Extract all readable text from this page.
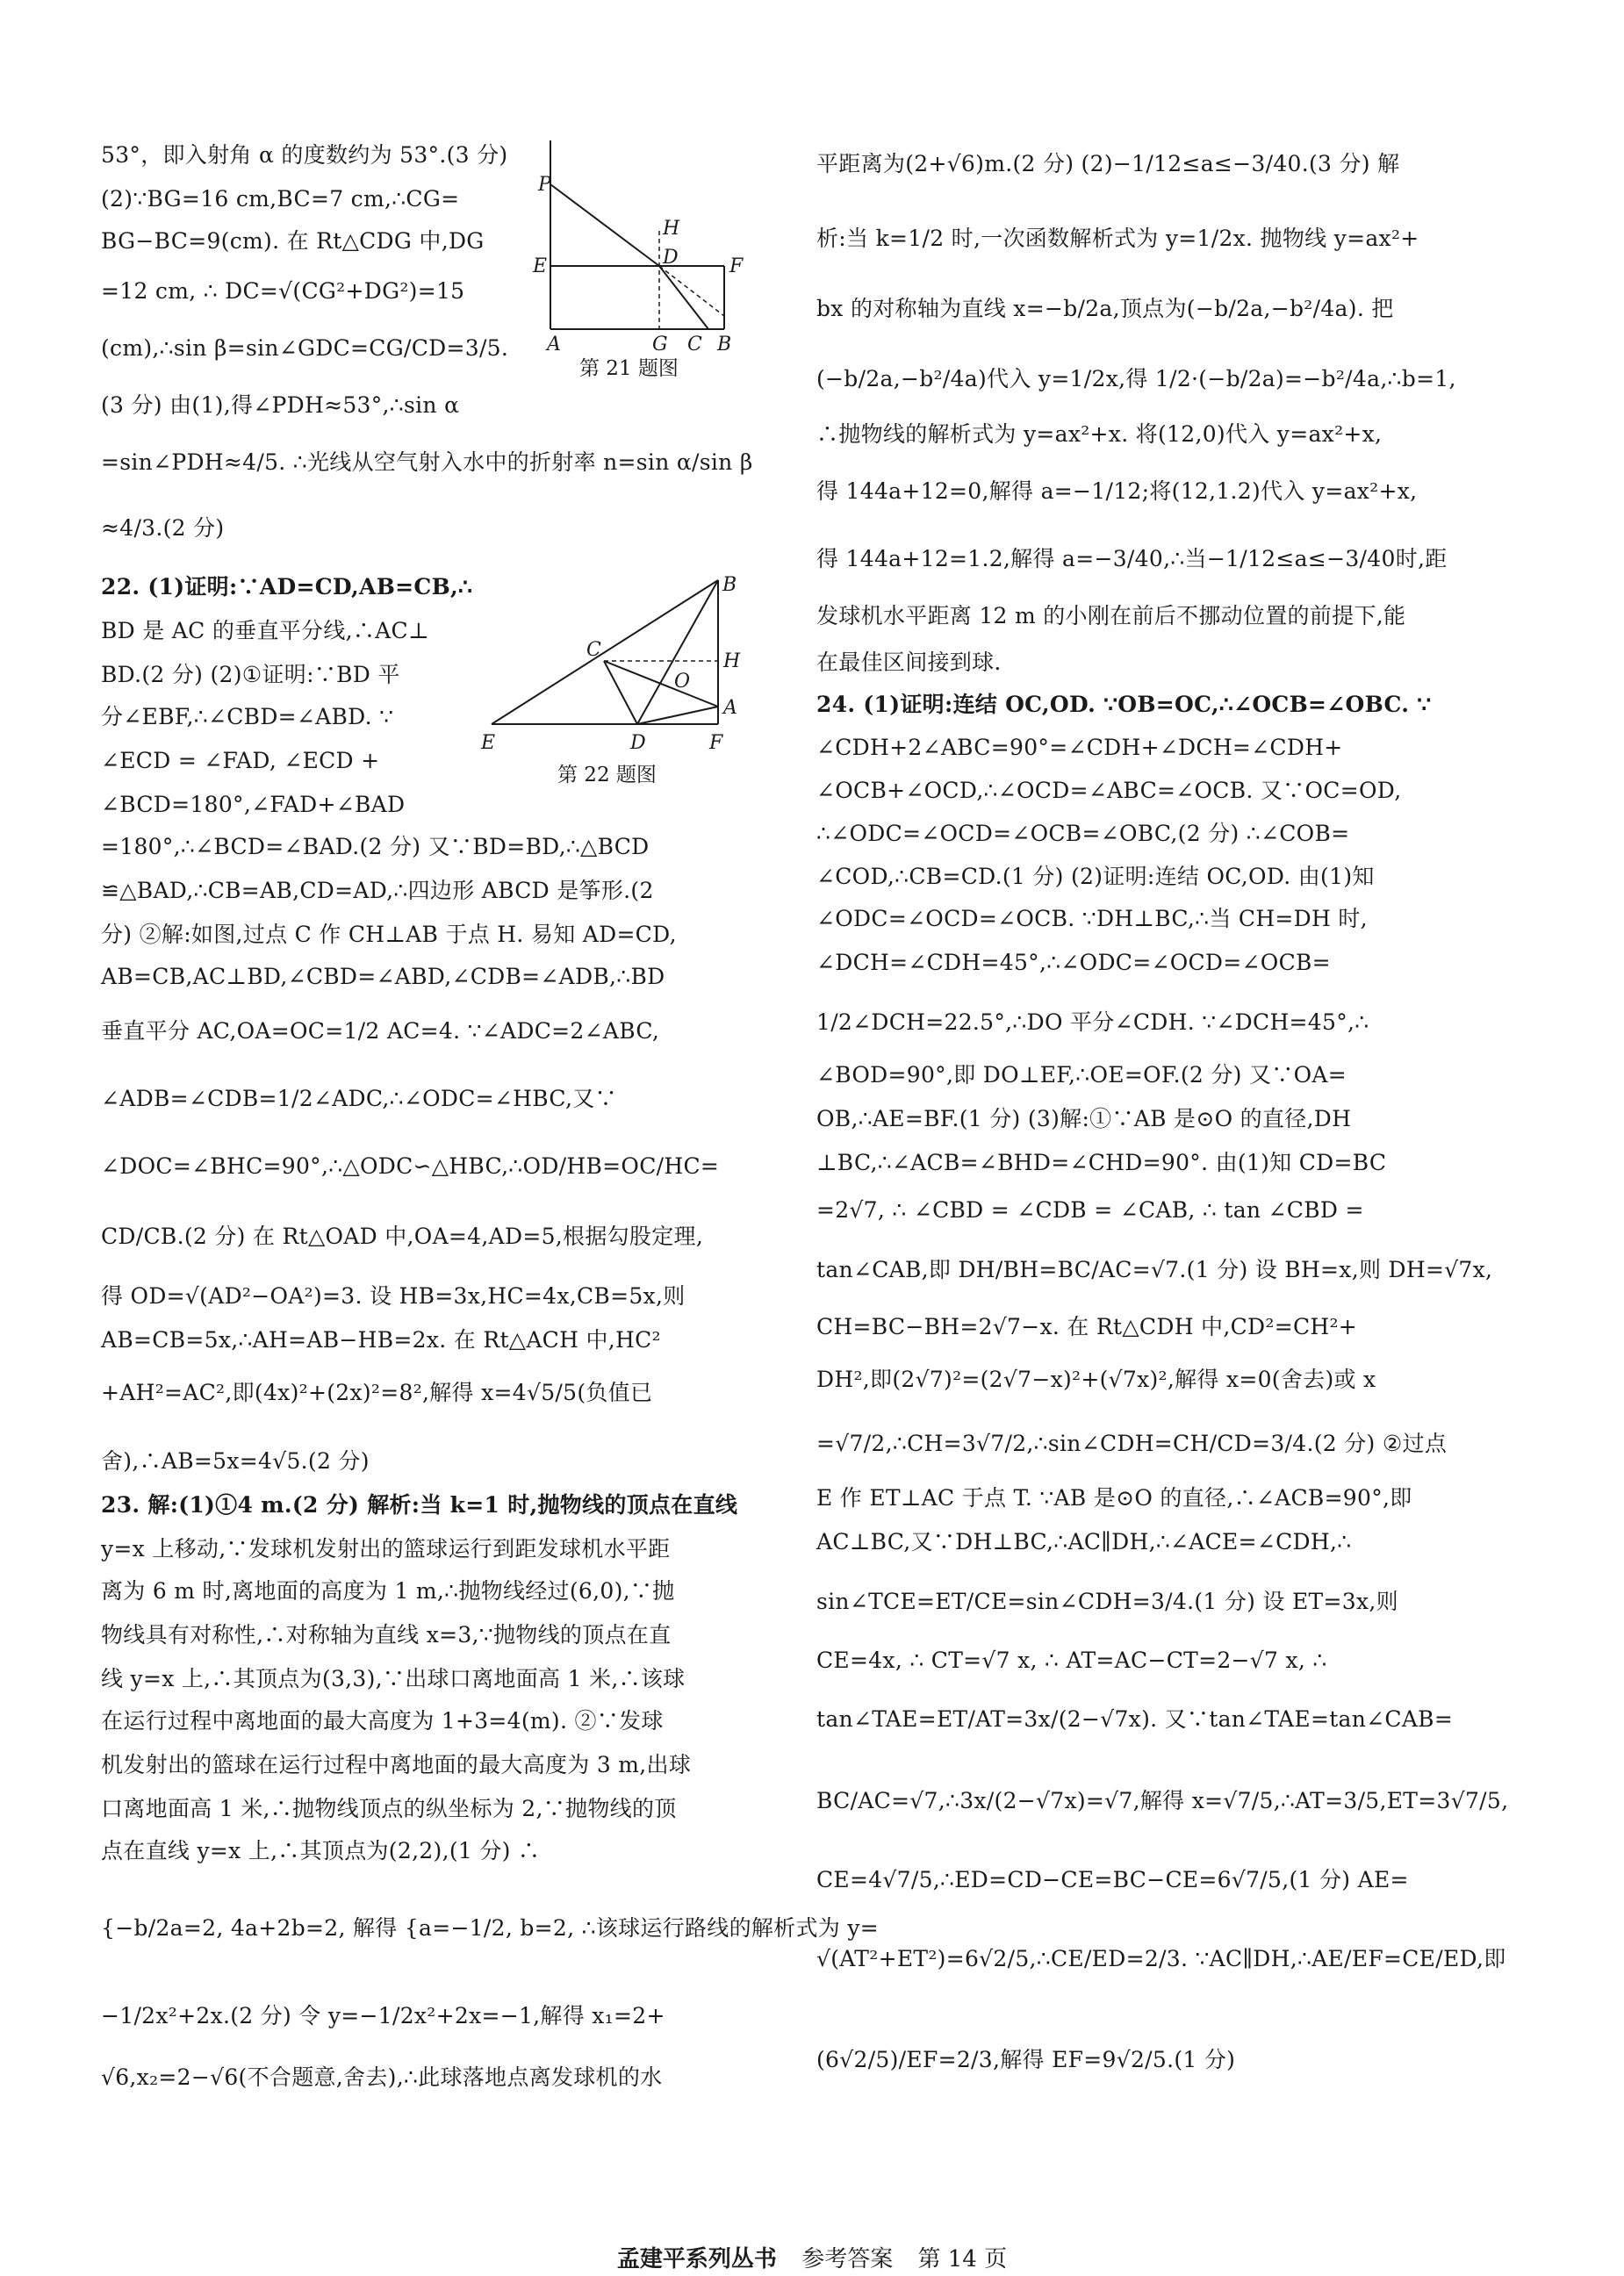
53°，即入射角 α 的度数约为 53°.(3 分)
(2)∵BG=16 cm,BC=7 cm,∴CG=
BG−BC=9(cm). 在 Rt△CDG 中,DG
=12 cm, ∴ DC=√(CG²+DG²)=15
(cm),∴sin β=sin∠GDC=CG/CD=3/5.
(3 分) 由(1),得∠PDH≈53°,∴sin α
=sin∠PDH≈4/5. ∴光线从空气射入水中的折射率 n=sin α/sin β
≈4/3.(2 分)
22. (1)证明:∵AD=CD,AB=CB,∴
BD 是 AC 的垂直平分线,∴AC⊥
BD.(2 分) (2)①证明:∵BD 平
分∠EBF,∴∠CBD=∠ABD. ∵
∠ECD = ∠FAD, ∠ECD +
∠BCD=180°,∠FAD+∠BAD
=180°,∴∠BCD=∠BAD.(2 分) 又∵BD=BD,∴△BCD
≌△BAD,∴CB=AB,CD=AD,∴四边形 ABCD 是筝形.(2
分) ②解:如图,过点 C 作 CH⊥AB 于点 H. 易知 AD=CD,
AB=CB,AC⊥BD,∠CBD=∠ABD,∠CDB=∠ADB,∴BD
垂直平分 AC,OA=OC=1/2 AC=4. ∵∠ADC=2∠ABC,
∠ADB=∠CDB=1/2∠ADC,∴∠ODC=∠HBC,又∵
∠DOC=∠BHC=90°,∴△ODC∽△HBC,∴OD/HB=OC/HC=
CD/CB.(2 分) 在 Rt△OAD 中,OA=4,AD=5,根据勾股定理,
得 OD=√(AD²−OA²)=3. 设 HB=3x,HC=4x,CB=5x,则
AB=CB=5x,∴AH=AB−HB=2x. 在 Rt△ACH 中,HC²
+AH²=AC²,即(4x)²+(2x)²=8²,解得 x=4√5/5(负值已
舍),∴AB=5x=4√5.(2 分)
23. 解:(1)①4 m.(2 分) 解析:当 k=1 时,抛物线的顶点在直线
y=x 上移动,∵发球机发射出的篮球运行到距发球机水平距
离为 6 m 时,离地面的高度为 1 m,∴抛物线经过(6,0),∵抛
物线具有对称性,∴对称轴为直线 x=3,∵抛物线的顶点在直
线 y=x 上,∴其顶点为(3,3),∵出球口离地面高 1 米,∴该球
在运行过程中离地面的最大高度为 1+3=4(m). ②∵发球
机发射出的篮球在运行过程中离地面的最大高度为 3 m,出球
口离地面高 1 米,∴抛物线顶点的纵坐标为 2,∵抛物线的顶
点在直线 y=x 上,∴其顶点为(2,2),(1 分) ∴
{−b/2a=2, 4a+2b=2, 解得 {a=−1/2, b=2, ∴该球运行路线的解析式为 y=
−1/2x²+2x.(2 分) 令 y=−1/2x²+2x=−1,解得 x₁=2+
√6,x₂=2−√6(不合题意,舍去),∴此球落地点离发球机的水
P
H
E	D	F
A	G C B
第 21 题图
B
C
H
O
A
E	D	F
第 22 题图
平距离为(2+√6)m.(2 分) (2)−1/12≤a≤−3/40.(3 分) 解
析:当 k=1/2 时,一次函数解析式为 y=1/2x. 抛物线 y=ax²+
bx 的对称轴为直线 x=−b/2a,顶点为(−b/2a,−b²/4a). 把
(−b/2a,−b²/4a)代入 y=1/2x,得 1/2·(−b/2a)=−b²/4a,∴b=1,
∴抛物线的解析式为 y=ax²+x. 将(12,0)代入 y=ax²+x,
得 144a+12=0,解得 a=−1/12;将(12,1.2)代入 y=ax²+x,
得 144a+12=1.2,解得 a=−3/40,∴当−1/12≤a≤−3/40时,距
发球机水平距离 12 m 的小刚在前后不挪动位置的前提下,能
在最佳区间接到球.
24. (1)证明:连结 OC,OD. ∵OB=OC,∴∠OCB=∠OBC. ∵
∠CDH+2∠ABC=90°=∠CDH+∠DCH=∠CDH+
∠OCB+∠OCD,∴∠OCD=∠ABC=∠OCB. 又∵OC=OD,
∴∠ODC=∠OCD=∠OCB=∠OBC,(2 分) ∴∠COB=
∠COD,∴CB=CD.(1 分) (2)证明:连结 OC,OD. 由(1)知
∠ODC=∠OCD=∠OCB. ∵DH⊥BC,∴当 CH=DH 时,
∠DCH=∠CDH=45°,∴∠ODC=∠OCD=∠OCB=
1/2∠DCH=22.5°,∴DO 平分∠CDH. ∵∠DCH=45°,∴
∠BOD=90°,即 DO⊥EF,∴OE=OF.(2 分) 又∵OA=
OB,∴AE=BF.(1 分) (3)解:①∵AB 是⊙O 的直径,DH
⊥BC,∴∠ACB=∠BHD=∠CHD=90°. 由(1)知 CD=BC
=2√7, ∴ ∠CBD = ∠CDB = ∠CAB, ∴ tan ∠CBD =
tan∠CAB,即 DH/BH=BC/AC=√7.(1 分) 设 BH=x,则 DH=√7x,
CH=BC−BH=2√7−x. 在 Rt△CDH 中,CD²=CH²+
DH²,即(2√7)²=(2√7−x)²+(√7x)²,解得 x=0(舍去)或 x
=√7/2,∴CH=3√7/2,∴sin∠CDH=CH/CD=3/4.(2 分) ②过点
E 作 ET⊥AC 于点 T. ∵AB 是⊙O 的直径,∴∠ACB=90°,即
AC⊥BC,又∵DH⊥BC,∴AC∥DH,∴∠ACE=∠CDH,∴
sin∠TCE=ET/CE=sin∠CDH=3/4.(1 分) 设 ET=3x,则
CE=4x, ∴ CT=√7 x, ∴ AT=AC−CT=2−√7 x, ∴
tan∠TAE=ET/AT=3x/(2−√7x). 又∵tan∠TAE=tan∠CAB=
BC/AC=√7,∴3x/(2−√7x)=√7,解得 x=√7/5,∴AT=3/5,ET=3√7/5,
CE=4√7/5,∴ED=CD−CE=BC−CE=6√7/5,(1 分) AE=
√(AT²+ET²)=6√2/5,∴CE/ED=2/3. ∵AC∥DH,∴AE/EF=CE/ED,即
(6√2/5)/EF=2/3,解得 EF=9√2/5.(1 分)
孟建平系列丛书 参考答案 第 14 页
